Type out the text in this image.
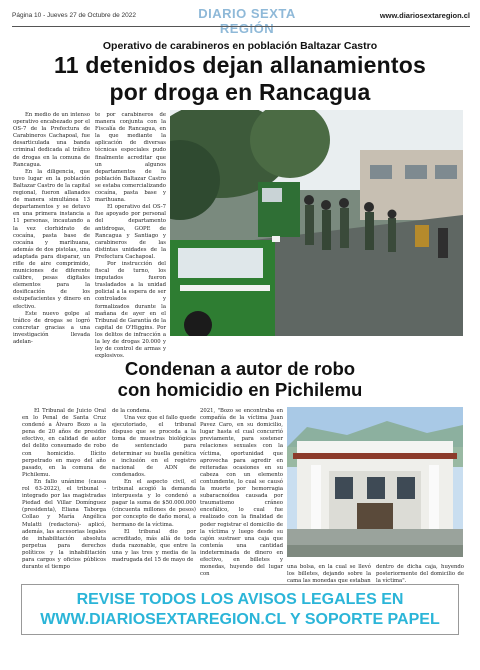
Página 10 - Jueves 27 de Octubre de 2022	DIARIO SEXTA REGIÓN
www.diariosextaregion.cl
Operativo de carabineros en población Baltazar Castro
11 detenidos dejan allanamientos
por droga en Rancagua

En medio de un intenso operativo encabezado por el OS-7 de la Prefectura de Carabineros Cachapoal, fue desarticulada una banda criminal dedicada al tráfico de drogas en la comuna de Rancagua.

En la diligencia, que tuvo lugar en la población Baltazar Castro de la capital regional, fueron allanados de manera simultánea 13 departamentos y se detuvo en una primera instancia a 11 personas, incautando a la vez clorhidrato de cocaína, pasta base de cocaína y marihuana, además de dos pistolas, una adaptada para disparar, un rifle de aire comprimido, municiones de diferente calibre, pesas digitales elementos para la dosificación de los estupefacientes y dinero en efectivo.

Este nuevo golpe al tráfico de drogas se logró concretar gracias a una investigación llevada adelan-

te por carabineros de manera conjunta con la Fiscalía de Rancagua, en la que mediante la aplicación de diversas técnicas especiales pudo finalmente acreditar que un algunos departamentos de la población Baltazar Castro se estaba comercializando cocaína, pasta base y marihuana.

El operativo del OS-7 fue apoyado por personal del departamento antidrogas, GOPE de Rancagua y Santiago y carabineros de las distintas unidades de la Prefectura Cachapoal.

Por instrucción del fiscal de turno, los imputados fueron trasladados a la unidad policial a la espera de ser controlados y formalizados durante la mañana de ayer en el Tribunal de Garantía de la capital de O'Higgins. Por los delitos de infracción a la ley de drogas 20.000 y ley de control de armas y explosivos.

Condenan a autor de robo
con homicidio en Pichilemu

El Tribunal de Juicio Oral en lo Penal de Santa Cruz condenó a Álvaro Bozo a la pena de 20 años de presidio efectivo, en calidad de autor del delito consumado de robo con homicidio. Ilícito perpetrado en mayo del año pasado, en la comuna de Pichilemu.

En fallo unánime (causa rol 63-2022), el tribunal -integrado por las magistradas Piedad del Villar Domínguez (presidenta), Eliana Taborga Collao y María Angélica Mulatti (redactora)- aplicó, además, las accesorias legales de inhabilitación absoluta perpetua para derechos políticos y la inhabilitación para cargos y oficios públicos durante el tiempo

de la condena.

Una vez que el fallo quede ejecutoriado, el tribunal dispuso que se proceda a la toma de muestras biológicas de sentenciado para determinar su huella genética e inclusión en el registro nacional de ADN de condenados.

En el aspecto civil, el tribunal acogió la demanda interpuesta y lo condenó a pagar la suma de $50.000.000 (cincuenta millones de pesos) por concepto de daño moral, a hermano de la víctima.

El tribunal dio por acreditado, más allá de toda duda razonable, que entre la una y las tres y media de la madrugada del 15 de mayo de

2021, "Bozo se encontraba en compañía de la víctima Juan Pavez Caro, en su domicilio, lugar hasta el cual concurrió previamente, para sostener relaciones sexuales con la víctima, oportunidad que aprovecha para agredir en reiteradas ocasiones en su cabeza con un elemento contundente, lo cual se causó la muerte por hemorragia subaracnoídea causada por traumatismo cráneo encefálico, lo cual fue realizado con la finalidad de poder registrar el domicilio de la víctima y luego desde su cajón sustraer una caja que contenía una cantidad indeterminada de dinero en efectivo, en billetes y monedas, huyendo del lugar con

una bolsa, en la cual se llevó los billetes, dejando sobre la cama las monedas que estaban

dentro de dicha caja, huyendo posteriormente del domicilio de la víctima".

REVISE TODOS LOS AVISOS LEGALES EN
WWW.DIARIOSEXTAREGION.CL Y SOPORTE PAPEL
